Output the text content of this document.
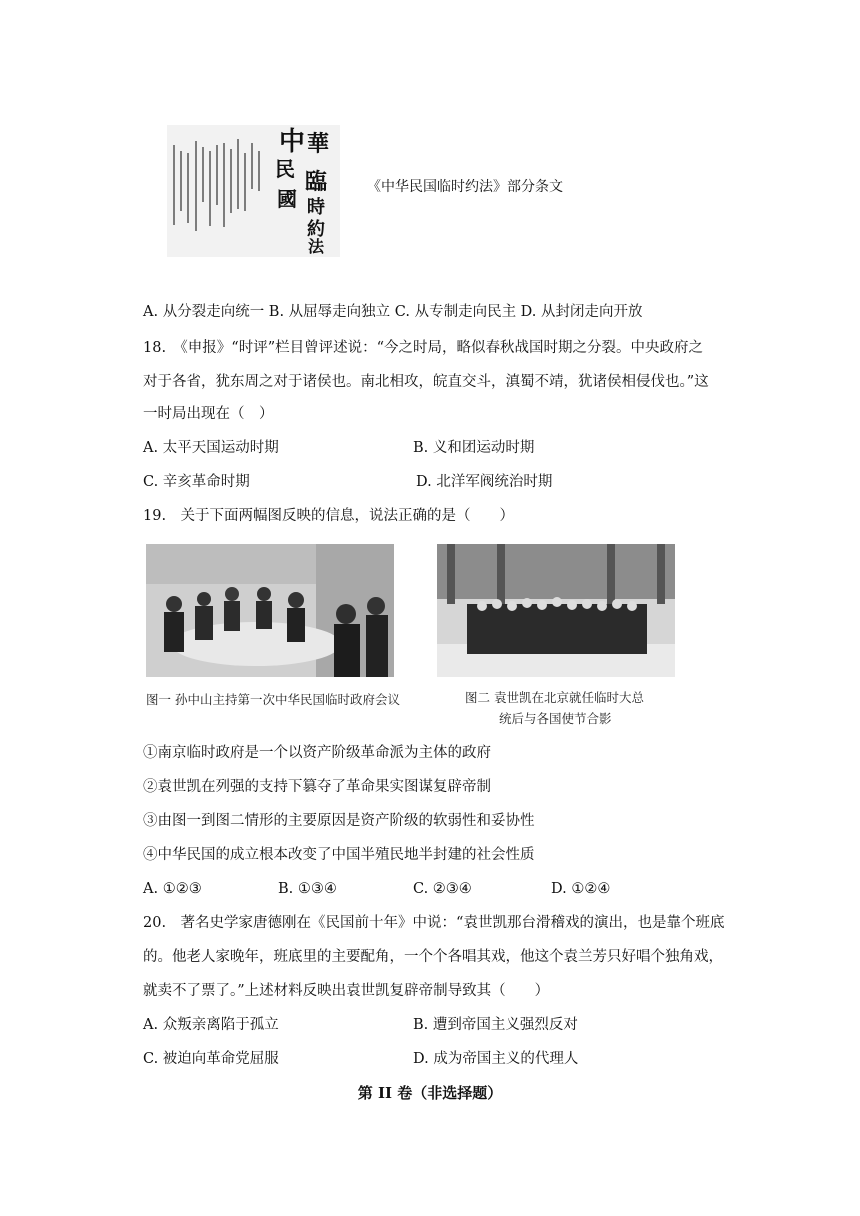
中 華
民
國
臨
時
約
法
《中华民国临时约法》部分条文
A. 从分裂走向统一 B. 从屈辱走向独立 C. 从专制走向民主 D. 从封闭走向开放
18.　《申报》“时评”栏目曾评述说：“今之时局，略似春秋战国时期之分裂。中央政府之
对于各省，犹东周之对于诸侯也。南北相攻，皖直交斗，滇蜀不靖，犹诸侯相侵伐也。”这
一时局出现在（　）
A. 太平天国运动时期	B. 义和团运动时期
C. 辛亥革命时期	D. 北洋军阀统治时期
19.　关于下面两幅图反映的信息，说法正确的是（　　）
图一 孙中山主持第一次中华民国临时政府会议	图二 袁世凯在北京就任临时大总
统后与各国使节合影
①南京临时政府是一个以资产阶级革命派为主体的政府
②袁世凯在列强的支持下篡夺了革命果实图谋复辟帝制
③由图一到图二情形的主要原因是资产阶级的软弱性和妥协性
④中华民国的成立根本改变了中国半殖民地半封建的社会性质
A. ①②③	B. ①③④	C. ②③④	D. ①②④
20.　著名史学家唐德刚在《民国前十年》中说：“袁世凯那台滑稽戏的演出，也是靠个班底
的。他老人家晚年，班底里的主要配角，一个个各唱其戏，他这个袁兰芳只好唱个独角戏，
就卖不了票了。”上述材料反映出袁世凯复辟帝制导致其（　　）
A. 众叛亲离陷于孤立	B. 遭到帝国主义强烈反对
C. 被迫向革命党屈服	D. 成为帝国主义的代理人
第 II 卷（非选择题）
